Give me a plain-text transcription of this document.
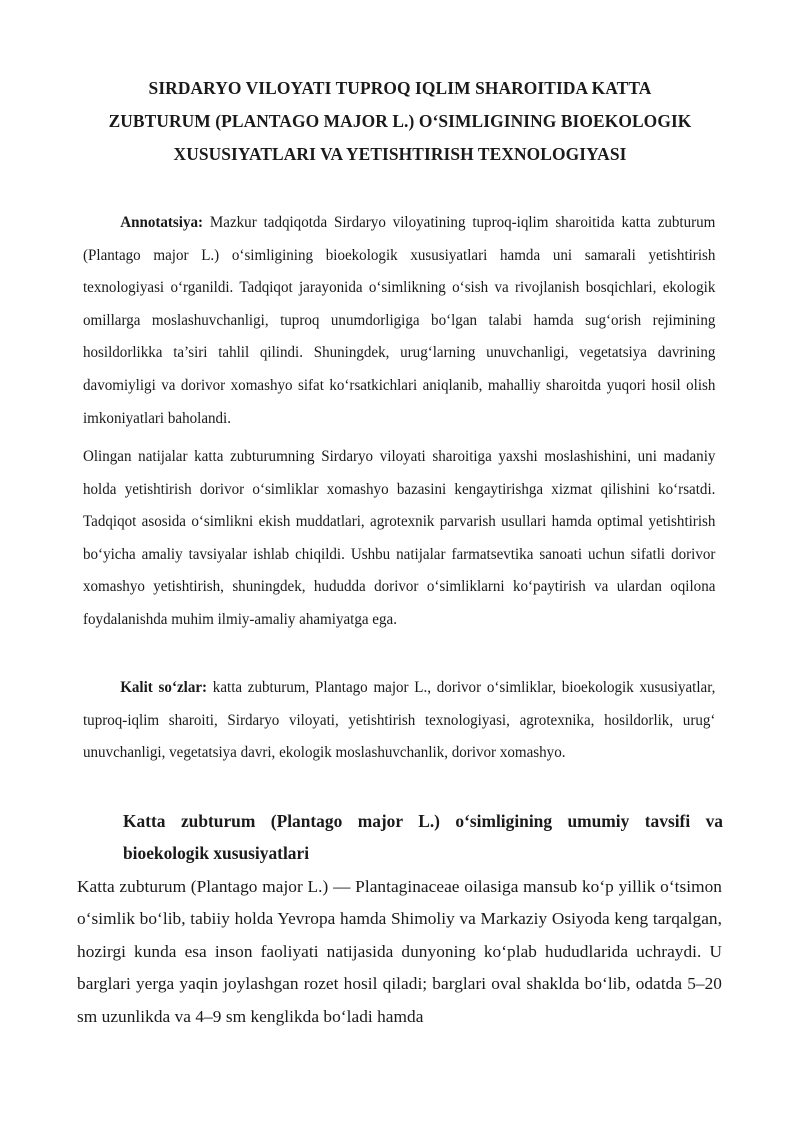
SIRDARYO VILOYATI TUPROQ IQLIM SHAROITIDA KATTA
ZUBTURUM (PLANTAGO MAJOR L.) O‘SIMLIGINING BIOEKOLOGIK
XUSUSIYATLARI VA YETISHTIRISH TEXNOLOGIYASI

Annotatsiya: Mazkur tadqiqotda Sirdaryo viloyatining tuproq-iqlim sharoitida katta zubturum (Plantago major L.) o‘simligining bioekologik xususiyatlari hamda uni samarali yetishtirish texnologiyasi o‘rganildi. Tadqiqot jarayonida o‘simlikning o‘sish va rivojlanish bosqichlari, ekologik omillarga moslashuvchanligi, tuproq unumdorligiga bo‘lgan talabi hamda sug‘orish rejimining hosildorlikka ta’siri tahlil qilindi. Shuningdek, urug‘larning unuvchanligi, vegetatsiya davrining davomiyligi va dorivor xomashyo sifat ko‘rsatkichlari aniqlanib, mahalliy sharoitda yuqori hosil olish imkoniyatlari baholandi.

Olingan natijalar katta zubturumning Sirdaryo viloyati sharoitiga yaxshi moslashishini, uni madaniy holda yetishtirish dorivor o‘simliklar xomashyo bazasini kengaytirishga xizmat qilishini ko‘rsatdi. Tadqiqot asosida o‘simlikni ekish muddatlari, agrotexnik parvarish usullari hamda optimal yetishtirish bo‘yicha amaliy tavsiyalar ishlab chiqildi. Ushbu natijalar farmatsevtika sanoati uchun sifatli dorivor xomashyo yetishtirish, shuningdek, hududda dorivor o‘simliklarni ko‘paytirish va ulardan oqilona foydalanishda muhim ilmiy-amaliy ahamiyatga ega.

Kalit so‘zlar: katta zubturum, Plantago major L., dorivor o‘simliklar, bioekologik xususiyatlar, tuproq-iqlim sharoiti, Sirdaryo viloyati, yetishtirish texnologiyasi, agrotexnika, hosildorlik, urug‘ unuvchanligi, vegetatsiya davri, ekologik moslashuvchanlik, dorivor xomashyo.

Katta zubturum (Plantago major L.) o‘simligining umumiy tavsifi va
bioekologik xususiyatlari

Katta zubturum (Plantago major L.) — Plantaginaceae oilasiga mansub ko‘p yillik o‘tsimon o‘simlik bo‘lib, tabiiy holda Yevropa hamda Shimoliy va Markaziy Osiyoda keng tarqalgan, hozirgi kunda esa inson faoliyati natijasida dunyoning ko‘plab hududlarida uchraydi. U barglari yerga yaqin joylashgan rozet hosil qiladi; barglari oval shaklda bo‘lib, odatda 5–20 sm uzunlikda va 4–9 sm kenglikda bo‘ladi hamda
